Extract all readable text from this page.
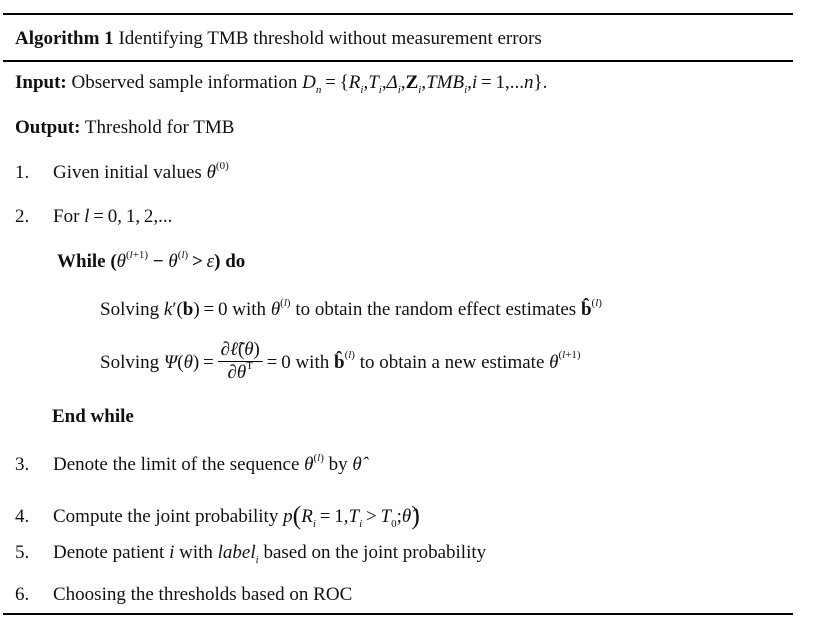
Algorithm 1 Identifying TMB threshold without measurement errors
Input: Observed sample information $D_n = \{R_i,T_i,\Delta_i,Z_i,TMB_i,i = 1,...n\}$.
Output: Threshold for TMB
1. Given initial values $\theta^{(0)}$
2. For l = 0, 1, 2,...
While $(\theta^{(l+1)} - \theta^{(l)} > \varepsilon)$ do
Solving k′(b) = 0 with $\theta^{(l)}$ to obtain the random effect estimates b̂$^{(l)}$
Solving $\Psi(\theta) = \frac{\text{∂ℓ̃(θ)}}{\partial\theta^T} = 0$ with b̂$^{(l)}$ to obtain a new estimate $\theta^{(l+1)}$
End while
3. Denote the limit of the sequence $\theta^{(l)}$ by θ̂
4. Compute the joint probability $p(R_i = 1,T_i$ > $T_0;\thetâ$)
5. Denote patient i with label$_i$ based on the joint probability
6. Choosing the thresholds based on ROC
